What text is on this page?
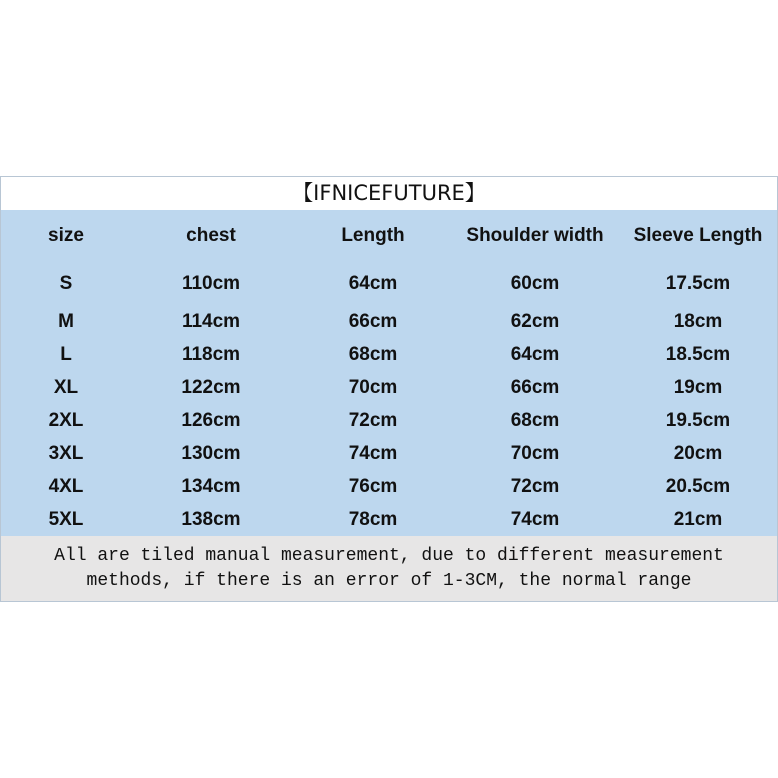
【IFNICEFUTURE】
size	chest	Length	Shoulder width	Sleeve Length
S	110cm	64cm	60cm	17.5cm
M	114cm	66cm	62cm	18cm
L	118cm	68cm	64cm	18.5cm
XL	122cm	70cm	66cm	19cm
2XL	126cm	72cm	68cm	19.5cm
3XL	130cm	74cm	70cm	20cm
4XL	134cm	76cm	72cm	20.5cm
5XL	138cm	78cm	74cm	21cm
All are tiled manual measurement, due to different measurement
methods, if there is an error of 1-3CM, the normal range
